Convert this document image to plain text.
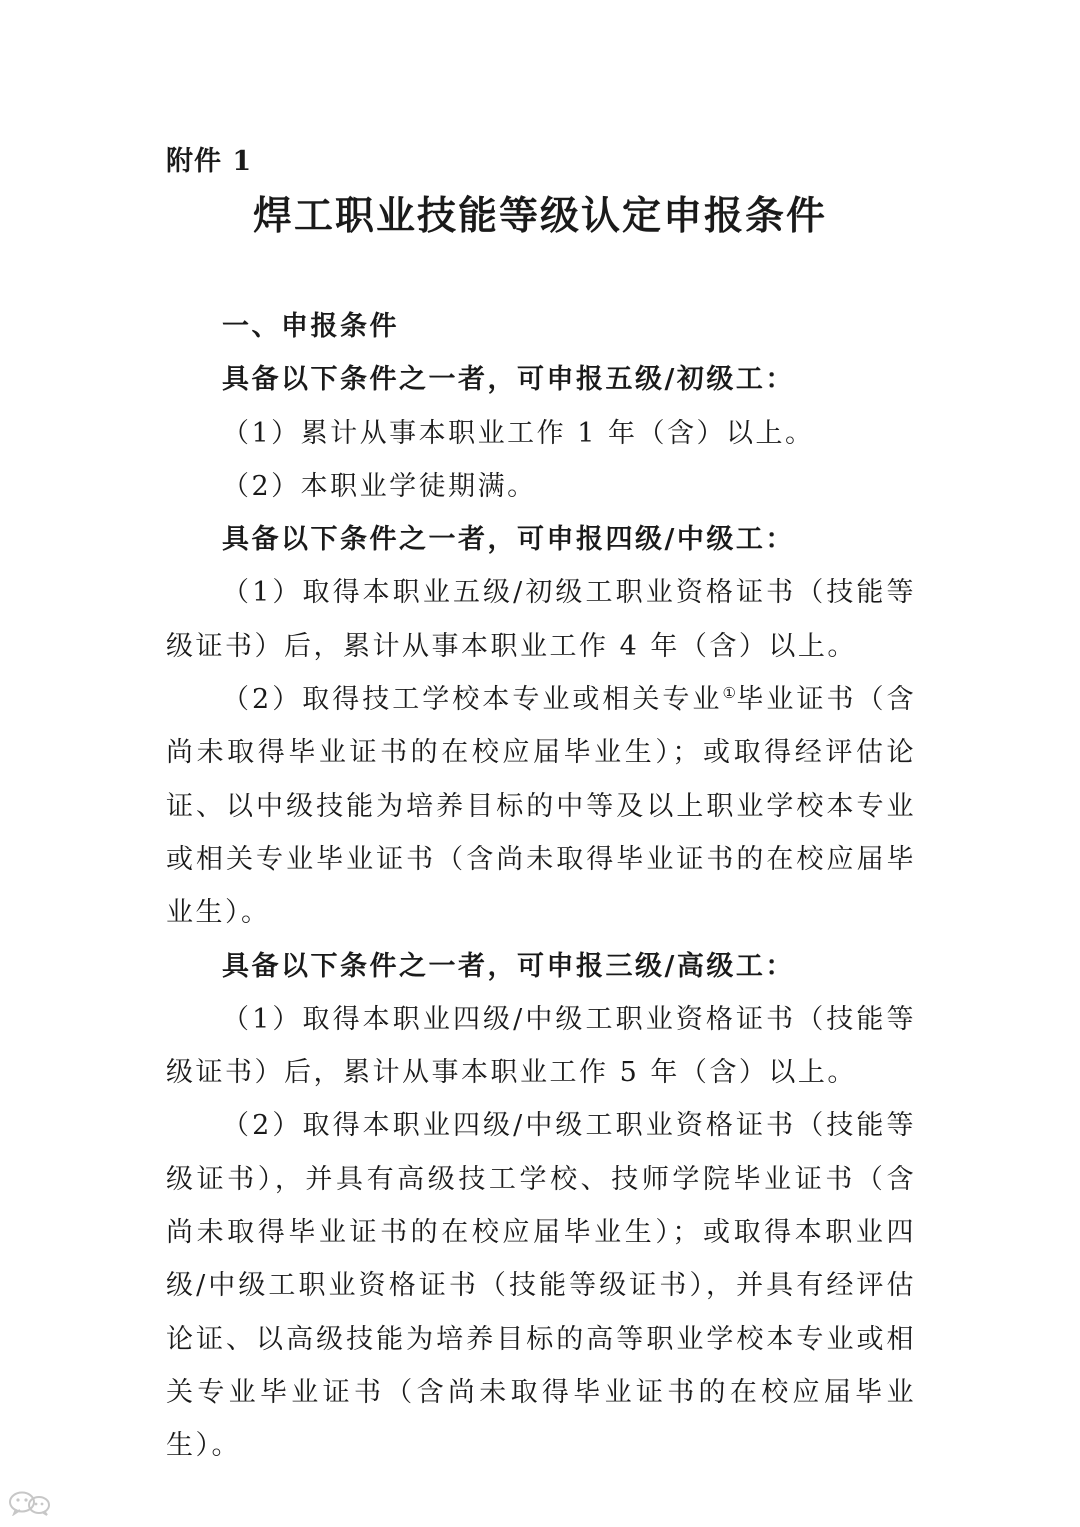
附件 1

焊工职业技能等级认定申报条件

一、申报条件

具备以下条件之一者，可申报五级/初级工：

（1）累计从事本职业工作 1 年（含）以上。

（2）本职业学徒期满。

具备以下条件之一者，可申报四级/中级工：

（1）取得本职业五级/初级工职业资格证书（技能等级证书）后，累计从事本职业工作 4 年（含）以上。

（2）取得技工学校本专业或相关专业①毕业证书（含尚未取得毕业证书的在校应届毕业生）；或取得经评估论证、以中级技能为培养目标的中等及以上职业学校本专业或相关专业毕业证书（含尚未取得毕业证书的在校应届毕业生）。

具备以下条件之一者，可申报三级/高级工：

（1）取得本职业四级/中级工职业资格证书（技能等级证书）后，累计从事本职业工作 5 年（含）以上。

（2）取得本职业四级/中级工职业资格证书（技能等级证书），并具有高级技工学校、技师学院毕业证书（含尚未取得毕业证书的在校应届毕业生）；或取得本职业四级/中级工职业资格证书（技能等级证书），并具有经评估论证、以高级技能为培养目标的高等职业学校本专业或相关专业毕业证书（含尚未取得毕业证书的在校应届毕业生）。

大数跨境
